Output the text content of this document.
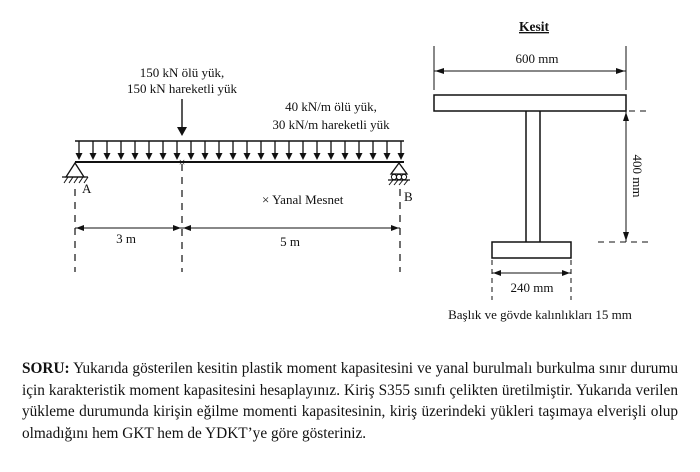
150 kN ölü yük,
150 kN hareketli yük
40 kN/m ölü yük,
30 kN/m hareketli yük
A
B
×
× Yanal Mesnet
3 m	5 m
Kesit
600 mm
400 mm
240 mm
Başlık ve gövde kalınlıkları 15 mm

SORU: Yukarıda gösterilen kesitin plastik moment kapasitesini ve yanal burulmalı burkulma sınır durumu için karakteristik moment kapasitesini hesaplayınız. Kiriş S355 sınıfı çelikten üretilmiştir. Yukarıda verilen yükleme durumunda kirişin eğilme momenti kapasitesinin, kiriş üzerindeki yükleri taşımaya elverişli olup olmadığını hem GKT hem de YDKT’ye göre gösteriniz.
